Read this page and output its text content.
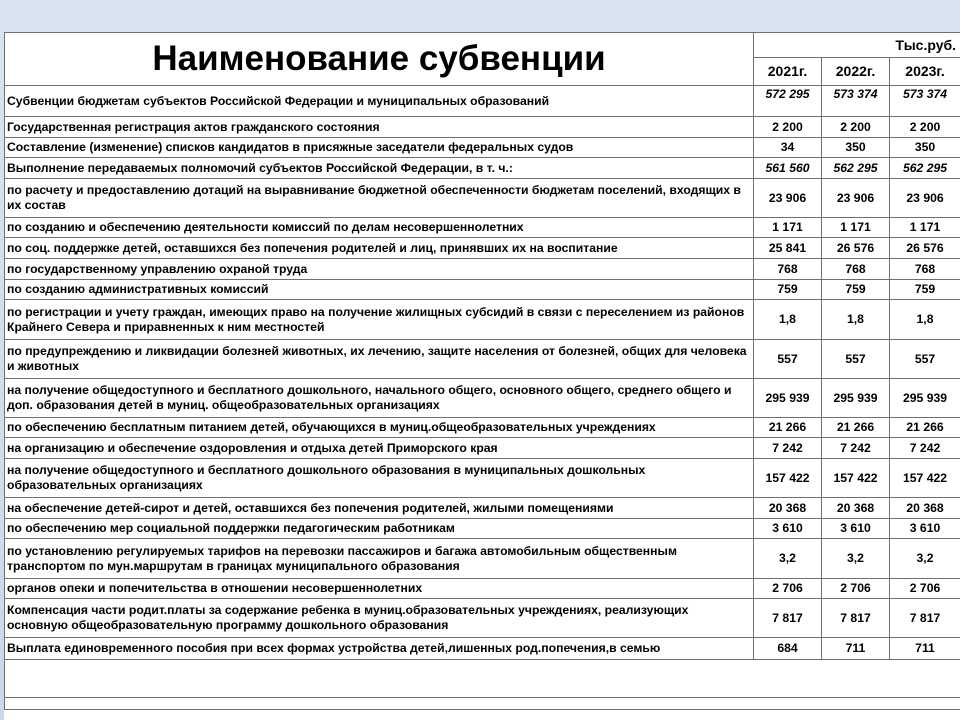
Наименование субвенции	Тыс.руб.		
	2021г.	2022г.	2023г.
Субвенции бюджетам субъектов Российской Федерации и муниципальных образований	572 295	573 374	573 374
Государственная регистрация актов гражданского состояния	2 200	2 200	2 200
Составление (изменение) списков кандидатов в присяжные заседатели федеральных судов	34	350	350
Выполнение передаваемых полномочий субъектов Российской Федерации, в т. ч.:	561 560	562 295	562 295
по расчету и предоставлению дотаций на выравнивание бюджетной обеспеченности бюджетам поселений, входящих в их состав	23 906	23 906	23 906
по созданию и обеспечению деятельности комиссий по делам несовершеннолетних	1 171	1 171	1 171
по соц. поддержке детей, оставшихся без попечения родителей и лиц, принявших их на воспитание	25 841	26 576	26 576
по государственному управлению охраной труда	768	768	768
по созданию административных комиссий	759	759	759
по регистрации и учету граждан, имеющих право на получение жилищных субсидий в связи с переселением из районов Крайнего Севера и приравненных к ним местностей	1,8	1,8	1,8
по предупреждению и ликвидации болезней животных, их лечению, защите населения от болезней, общих для человека и животных	557	557	557
на получение общедоступного и бесплатного дошкольного, начального общего, основного общего, среднего общего и доп. образования детей в муниц. общеобразовательных организациях	295 939	295 939	295 939
по обеспечению бесплатным питанием детей, обучающихся в муниц.общеобразовательных учреждениях	21 266	21 266	21 266
на организацию и обеспечение оздоровления и отдыха детей Приморского края	7 242	7 242	7 242
на получение общедоступного и бесплатного дошкольного образования в муниципальных дошкольных образовательных организациях	157 422	157 422	157 422
на обеспечение детей-сирот и детей, оставшихся без попечения родителей, жилыми помещениями	20 368	20 368	20 368
по обеспечению мер социальной поддержки педагогическим работникам	3 610	3 610	3 610
по установлению регулируемых тарифов на перевозки пассажиров и багажа автомобильным общественным транспортом по мун.маршрутам в границах муниципального образования	3,2	3,2	3,2
органов опеки и попечительства в отношении несовершеннолетних	2 706	2 706	2 706
Компенсация части родит.платы за содержание ребенка в муниц.образовательных учреждениях, реализующих основную общеобразовательную программу дошкольного образования	7 817	7 817	7 817
Выплата единовременного пособия при всех формах устройства детей,лишенных род.попечения,в семью	684	711	711
